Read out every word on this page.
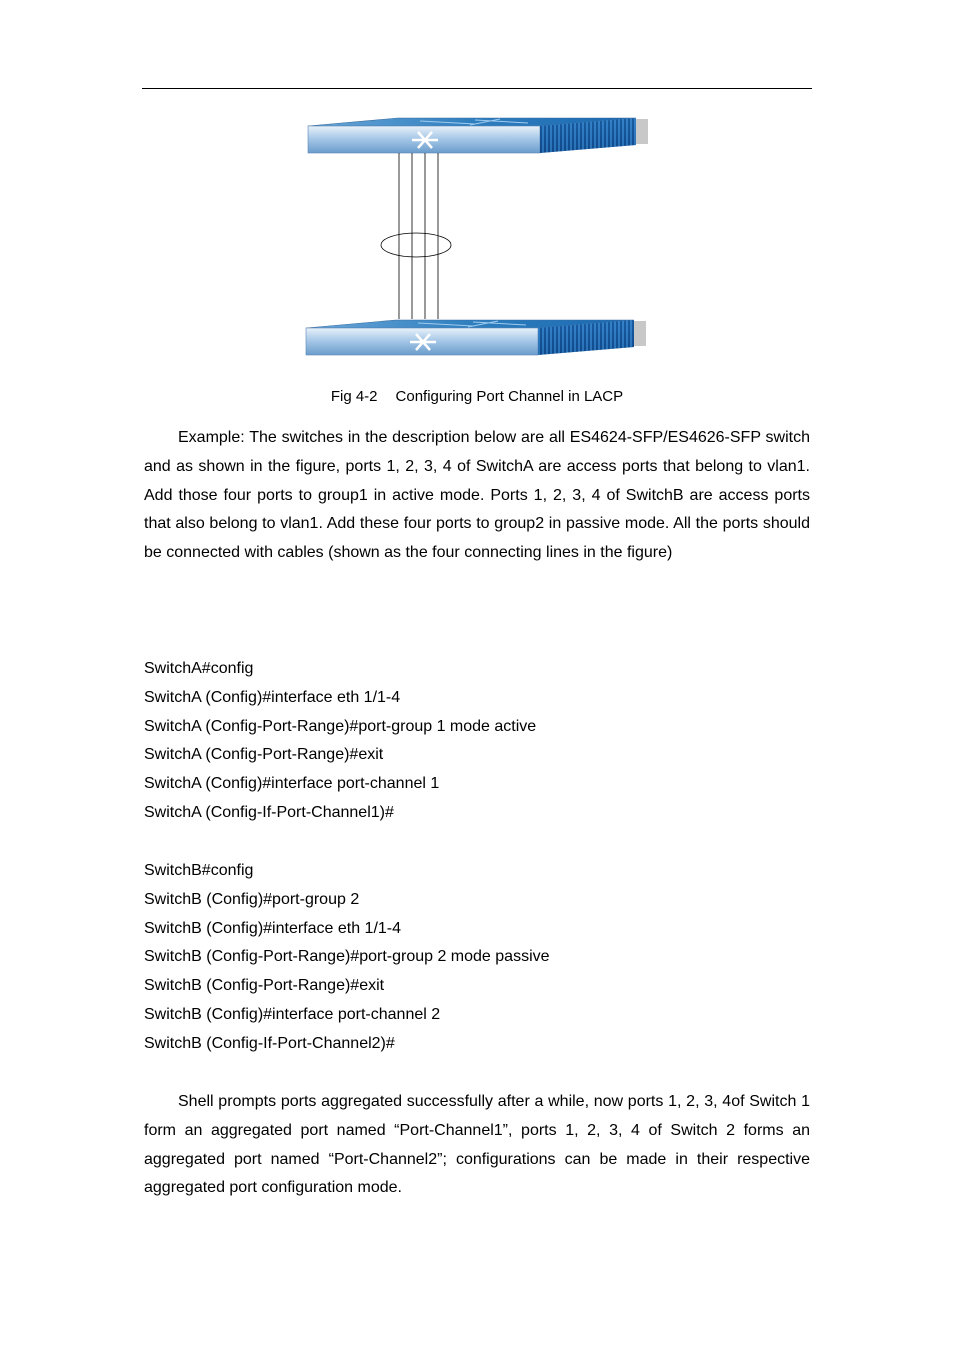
Fig 4-2 Configuring Port Channel in LACP

Example: The switches in the description below are all ES4624-SFP/ES4626-SFP switch and as shown in the figure, ports 1, 2, 3, 4 of SwitchA are access ports that belong to vlan1. Add those four ports to group1 in active mode. Ports 1, 2, 3, 4 of SwitchB are access ports that also belong to vlan1. Add these four ports to group2 in passive mode. All the ports should be connected with cables (shown as the four connecting lines in the figure)

SwitchA#config
SwitchA (Config)#interface eth 1/1-4
SwitchA (Config-Port-Range)#port-group 1 mode active
SwitchA (Config-Port-Range)#exit
SwitchA (Config)#interface port-channel 1
SwitchA (Config-If-Port-Channel1)#
SwitchB#config
SwitchB (Config)#port-group 2
SwitchB (Config)#interface eth 1/1-4
SwitchB (Config-Port-Range)#port-group 2 mode passive
SwitchB (Config-Port-Range)#exit
SwitchB (Config)#interface port-channel 2
SwitchB (Config-If-Port-Channel2)#

Shell prompts ports aggregated successfully after a while, now ports 1, 2, 3, 4of Switch 1 form an aggregated port named “Port-Channel1”, ports 1, 2, 3, 4 of Switch 2 forms an aggregated port named “Port-Channel2”; configurations can be made in their respective aggregated port configuration mode.
